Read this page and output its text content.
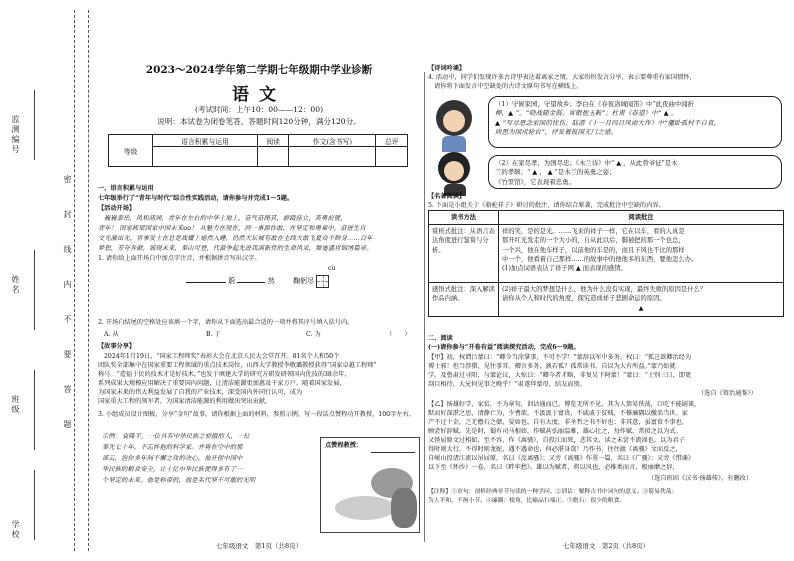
监测编号
姓名
班级
学校
密
封
线
内
不
要
答
题
2023～2024学年第二学期七年级期中学业诊断
语文
(考试时间：上午10：00——12：00)
说明：本试卷为闭卷笔答，答题时间120分钟，满分120分。
等级	语言积累与运用	阅读	作文(含书写)	总评

一、语言积累与运用
七年级举行了“青年与时代”综合性实践活动，请你参与并完成1～5题。
【活动开场】
巍巍泰岳，风和浦洲，青年在左右的中华土地上，奋气奋图其，薪踏挂立，英勇前就，
青年！ 国家栋梁国家中国未来oo！ 从魅力在现在，同一事源你敢，在坚定和勇乘中，奋进生自
文光激出光，世事发士在总是战耀上熄然入睡，仍然大坛城有敢在主线大敢飞夏众不顾身……百年
梦想，芳夸奔献，展现未来，奉山可登，代最争起先进我满新性的生命风采，舞逐盛世锦绣篇章。
1. 请你给上面开场白中加点字注音，并根据拼音写出汉字。
cù
蔚	然	鞠躬尽
2. 开场白结尾的空格处应该填一个字，请你从下面选出最合适的一项并将其序号填入括号内。
A. 从	B. 于	C. 为	（　　）
【故事分享】
2024年1月19日，“国家工程师奖”表彰大会在北京人民大会堂召开。81名个人和50个
团队奖全部集中在国家重要工程领域的重点技术岗位，山西大学教授李敬璐教授获得“国家卓越工程师”
称号。“造福于民的技术才是好技术。”也发于填建大学的研究方研发研领国内优技的38余年，
系列成果大规模应用解决了重要国内问题，让清洁能源更加惠及千家万户。随着国家发展，
为国家未来的伟大利益发展了自我的产业技术，深受国内外同行认可，成为
国家重大工程的领军者，为国家清洁能源的利用做出突出贡献。
3. 小组成员设计图板，分享“金句”故事。请你根据上面的材料，参照示例，写一段话点赞程功开教授，100字左右。
示例： 袁隆平，一位具有中华民族之骄傲的人，一位
奉先七十年，不忘怀抱的科学家。并将在空中的那
部云，泡你多年间不懈之攻的决心。他开创中国中
华民族的粮食安全，让十亿中华民族使得多有了一
个坚定的未来。他是称帝的，他是名代坚不可摧的光明
点赞程教授：
七年级语文　第1页（共8页）
【诗词吟诵】
4. 活动中，同学们发现许多古诗里表达着离家之情，大家纷纷发言分享，表示要尊重有家国情怀，
请你将下面发言中空缺处的古诗文原句书写在横线上。
（1）守候家园，守望故乡；李白在《春夜洛城闻笛》中“此夜曲中闻折
柳，▲ ”。“晓战随金鼓，宵眠抱玉鞍”；杜甫《春望》中“ ▲ ，
▲ ”写尽思念家国的忧伤；陆游《十一月四日风雨大作》中“僵卧孤村不自哀，
尚思为国戍轮台”，抒发着报国无门之感。
（2）在家尽孝，为国尽忠；《木兰诗》中“ ▲ ，从此替爷征”是木
兰的孝顺；“ ▲ ， ▲ ”是木兰的英勇之姿；
《竹里馆》，它表现着忠勇。
【名著阅读】
5. 下面是小组关于《骆驼祥子》研讨的批注，请你结合原著，完成批注中空缺的内容。
读书方法	阅读批注
赏析式批注：从语言表达角度进行鉴赏与分析。	祥的笑，是的是光。……飞来的祥子一样，它在以车，看的人真是
那开红光发走的一个大小的，自从此以后，脚被把的那一个也总，
一个兴，他在他车样子，以前他的车是的，而且下风也不比的那样
中一个，他看着自己那样……的故事中的他他多的东西，要他怎么办。
(1)加点词语表达了祥子网 ▲ 而表现的感情。

感悟式批注：深入解读作品内涵。	(2)祥子最大的梦想是什么，他为什么没有实现，最终失败的原因是什么？
请你从个人和时代的角度，探究造成祥子悲剧命运的原因。
▲
二、阅读
(一)请你参与“开卷有益”阅读探究活动，完成6～9题。
【甲】初，权谓吕蒙曰：“卿今当涂掌事，不可不学！”蒙辞以军中多务。权曰：“孤岂欲卿治经为
博士邪！但当涉猎，见往事耳。卿言多务，孰若孤？孤常读书，自以为大有所益。”蒙乃始就
学。及鲁肃过寻阳，与蒙论议，大惊曰：“卿今者才略，非复吴下阿蒙！”蒙曰：“士别三日，即更
刮目相待，大兄何见事之晚乎！”肃遂拜蒙母，结友而别。
（选自《资治通鉴》）
【乙】扬雄好学，家贫，不为章句，训诂通而已。博览无所不见，其为人简易佚荡，口吃不能剧谈，
默而好深湛之思，清静亡为，少耆欲，不汲汲于富贵，不戚戚于贫贱，不修廉隅以徼名当世。家
产不过十金，乏无儋石之储，晏如也。自有大度，非圣哲之书不好也；非其意，虽富贵不事也。
顾尝好辞赋。先是时，蜀有司马相如，作赋甚弘丽温雅，雄心壮之，每作赋，常拟之以为式。
又怪屈原文过相如，至不容，作《离骚》，自投江而死，悲其文，读之未尝不流涕也。以为君子
得时则大行，不得时则龙蛇，遇不遇命也，何必湛身哉！乃作书，往往摭《离骚》文而反之，
自岷山投诸江流以吊屈原，名曰《反离骚》；又旁《离骚》作重一篇，名曰《广骚》；又旁《惜诵》
以下至《怀沙》一卷，名曰《畔牢愁》。雄以为赋者，将以风也，必推类而言，极丽靡之辞，
（选自班固《汉书·扬雄传》，有删改）
【注释】①章句：剖析经典章节句读的一种学问。②训诂：解释古书中词句的意义。③简易佚荡：
为人平和、不拘小节。④廉隅：棱角，比喻品行端正。⑤儋石：很少的粮食。
七年级语文　第2页（共8页）
